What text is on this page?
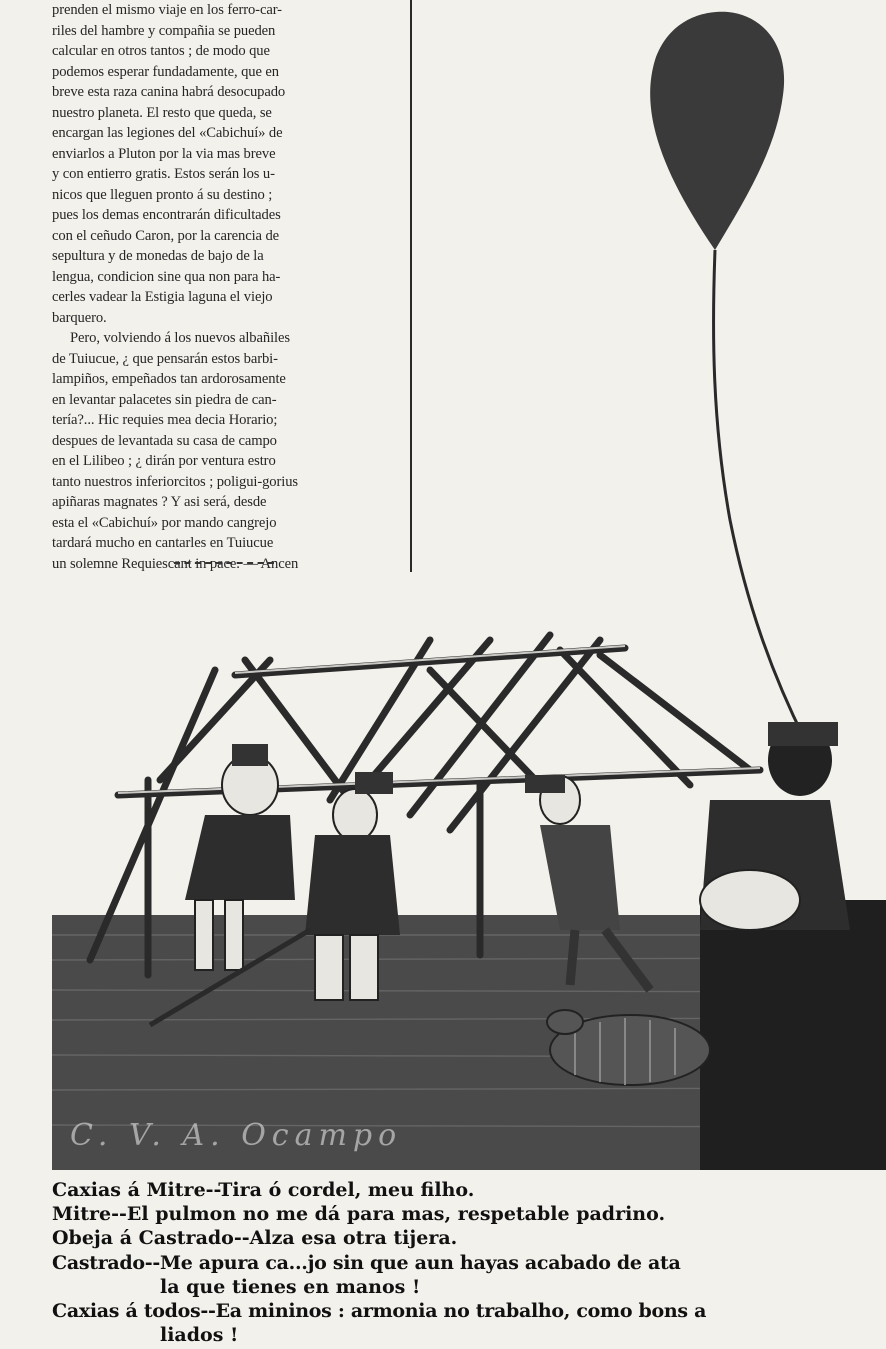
prenden el mismo viaje en los ferro-car-
riles del hambre y compañia se pueden
calcular en otros tantos ; de modo que
podemos esperar fundadamente, que en
breve esta raza canina habrá desocupado
nuestro planeta. El resto que queda, se
encargan las legiones del «Cabichuí» de
enviarlos a Pluton por la via mas breve
y con entierro gratis. Estos serán los u-
nicos que lleguen pronto á su destino ;
pues los demas encontrarán dificultades
con el ceñudo Caron, por la carencia de
sepultura y de monedas de bajo de la
lengua, condicion sine qua non para ha-
cerles vadear la Estigia laguna el viejo
barquero.
Pero, volviendo á los nuevos albañiles
de Tuiucue, ¿ que pensarán estos barbi-
lampiños, empeñados tan ardorosamente
en levantar palacetes sin piedra de can-
tería?... Hic requies mea decia Horario;
despues de levantada su casa de campo
en el Lilibeo ; ¿ dirán por ventura estro
tanto nuestros inferiorcitos ; poligui-gorius
apiñaras magnates ? Y asi será, desde
esta el «Cabichuí» por mando cangrejo
tardará mucho en cantarles en Tuiucue
un solemne Requiescant in pace. — Ancen
C. V. A. Ocampo
Caxias á Mitre--Tira ó cordel, meu filho.
Mitre--El pulmon no me dá para mas, respetable padrino.
Obeja á Castrado--Alza esa otra tijera.
Castrado--Me apura ca...jo sin que aun hayas acabado de ata
la que tienes en manos !
Caxias á todos--Ea mininos : armonia no trabalho, como bons a
liados !
